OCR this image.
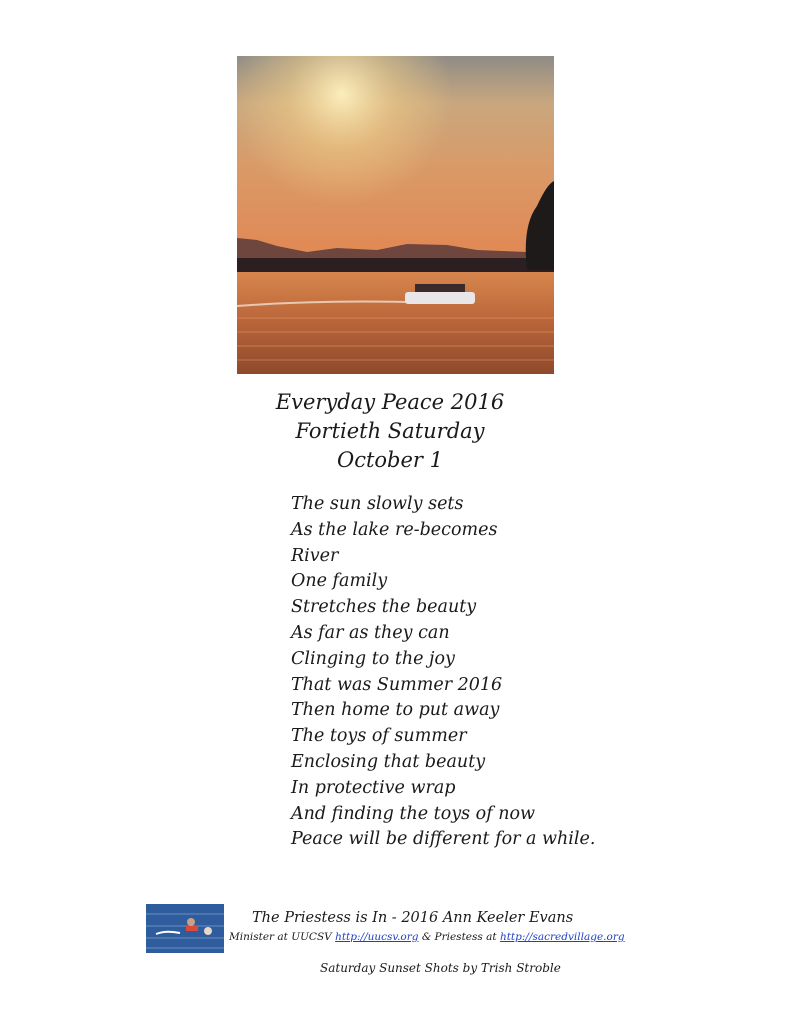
Everyday Peace 2016
Fortieth Saturday
October 1
The sun slowly sets
As the lake re-becomes
River
One family
Stretches the beauty
As far as they can
Clinging to the joy
That was Summer 2016
Then home to put away
The toys of summer
Enclosing that beauty
In protective wrap
And finding the toys of now
Peace will be different for a while.
The Priestess is In - 2016 Ann Keeler Evans
Minister at UUCSV http://uucsv.org & Priestess at http://sacredvillage.org
Saturday Sunset Shots by Trish Stroble
